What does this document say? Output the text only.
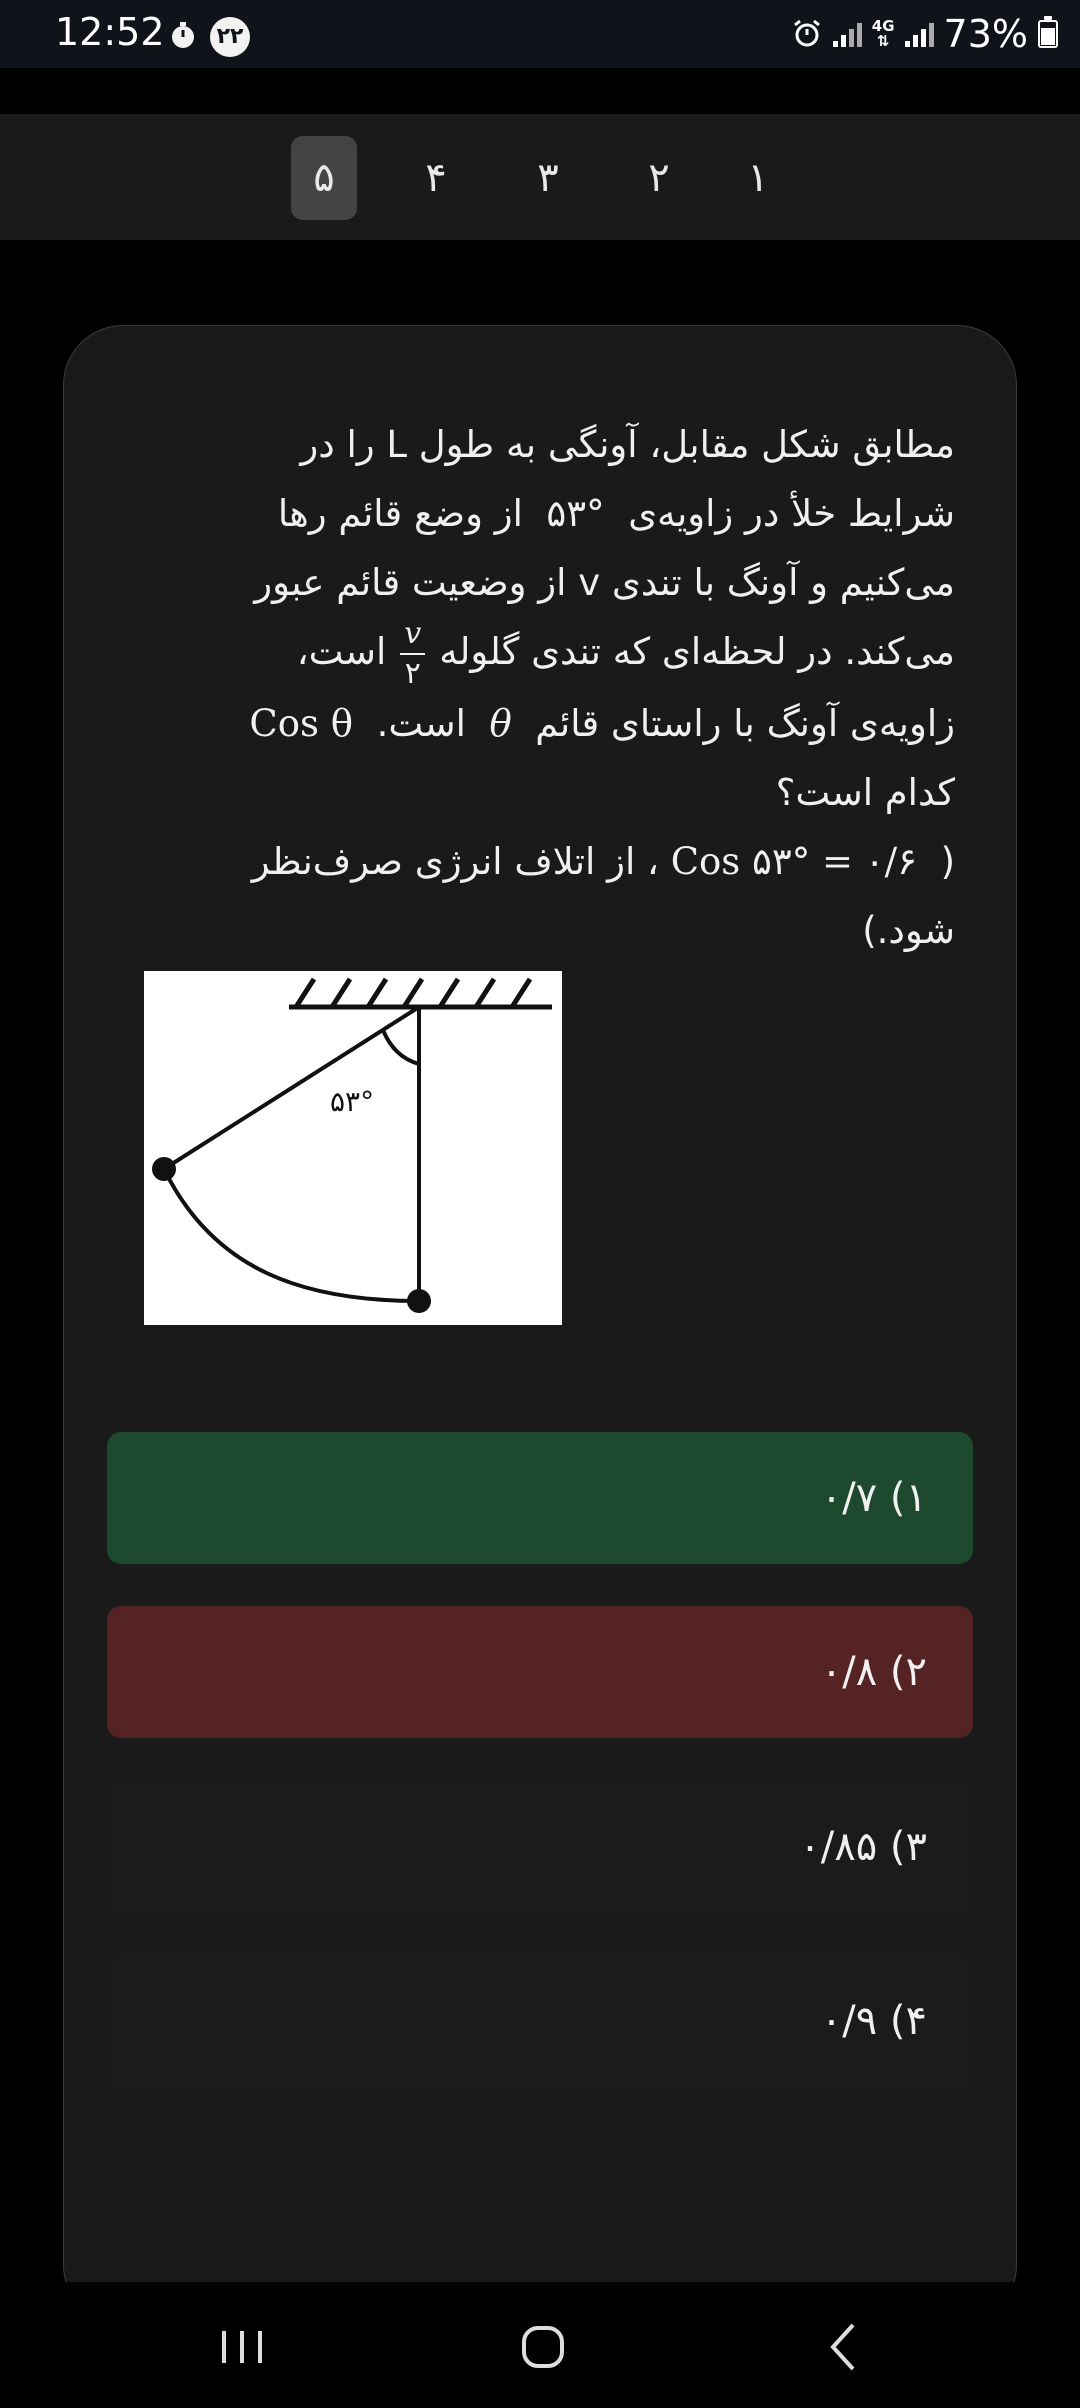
12:52 ۲۲	4G
⇅ 73%
۵	۴	۳	۲	۱
مطابق شکل مقابل، آونگی به طول L را در
شرایط خلأ در زاویه‌ی  ۵۳°  از وضع قائم رها
می‌کنیم و آونگ با تندی v از وضعیت قائم عبور
می‌کند. در لحظه‌ای که تندی گلوله
$\frac{v}{۲}$
است،
زاویه‌ی آونگ با راستای قائم  θ  است.  Cos θ
کدام است؟
(  Cos ۵۳° = ۰/۶ ، از اتلاف انرژی صرف‌نظر
شود.)
۵۳°
۱) ۰/۷
۲) ۰/۸
۳) ۰/۸۵
۴) ۰/۹
